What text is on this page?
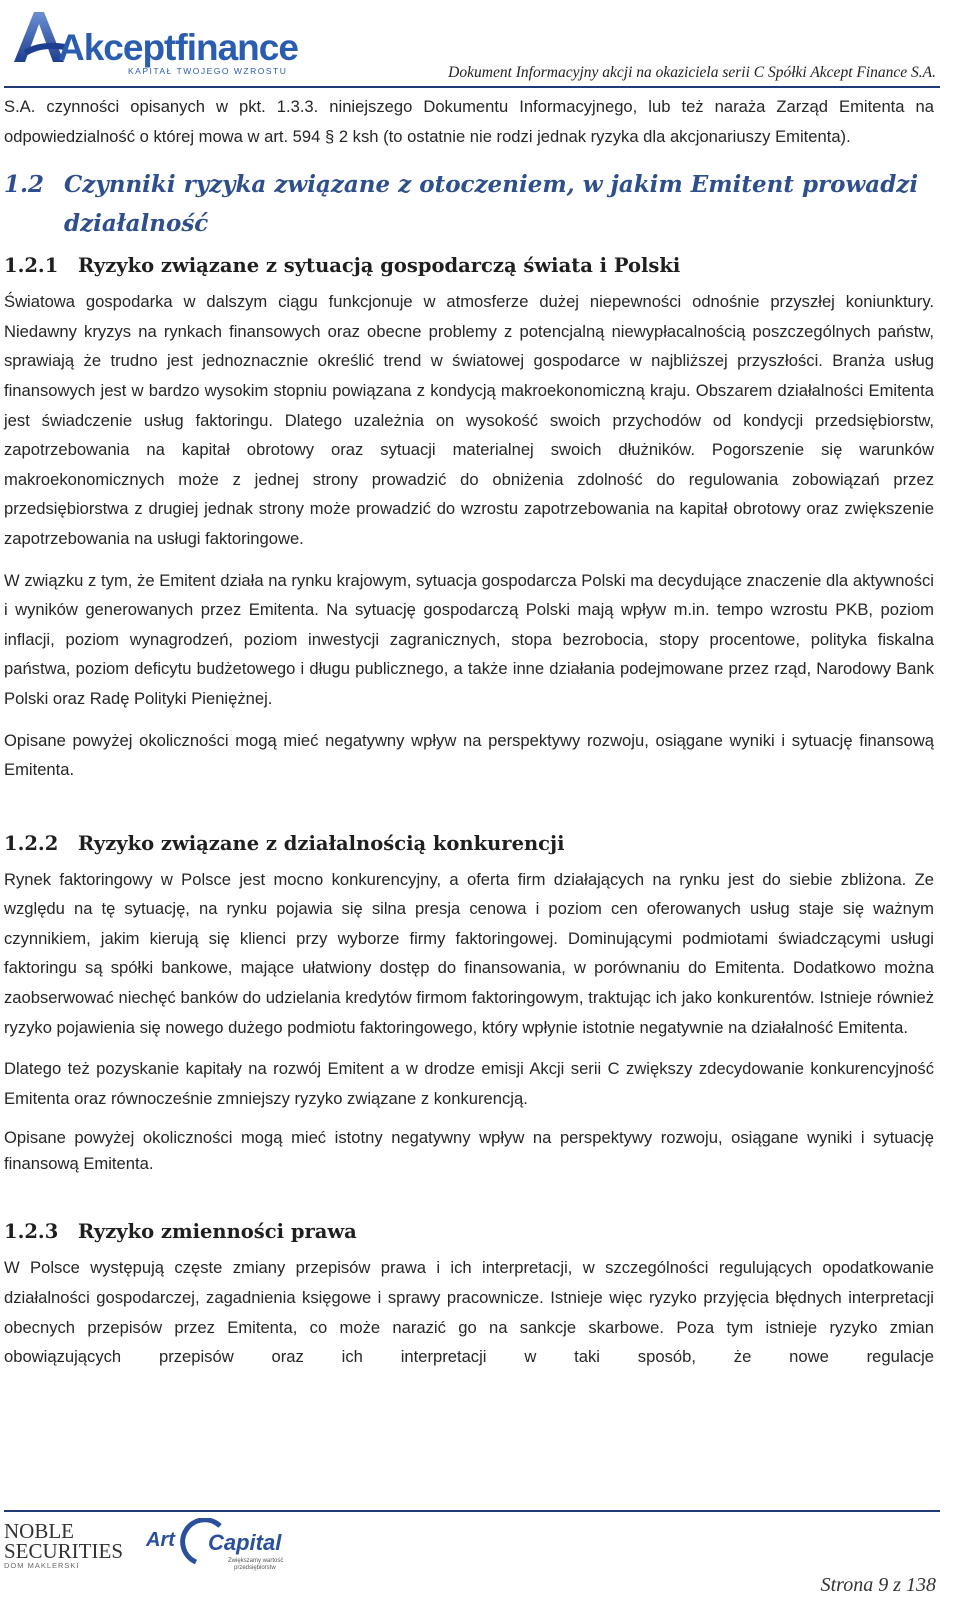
Akceptfinance
KAPITAŁ TWOJEGO WZROSTU	Dokument Informacyjny akcji na okaziciela serii C Spółki Akcept Finance S.A.

S.A. czynności opisanych w pkt. 1.3.3. niniejszego Dokumentu Informacyjnego, lub też naraża Zarząd Emitenta na odpowiedzialność o której mowa w art. 594 § 2 ksh (to ostatnie nie rodzi jednak ryzyka dla akcjonariuszy Emitenta).

1.2 Czynniki ryzyka związane z otoczeniem, w jakim Emitent prowadzi działalność
1.2.1	Ryzyko związane z sytuacją gospodarczą świata i Polski

Światowa gospodarka w dalszym ciągu funkcjonuje w atmosferze dużej niepewności odnośnie przyszłej koniunktury. Niedawny kryzys na rynkach finansowych oraz obecne problemy z potencjalną niewypłacalnością poszczególnych państw, sprawiają że trudno jest jednoznacznie określić trend w światowej gospodarce w najbliższej przyszłości. Branża usług finansowych jest w bardzo wysokim stopniu powiązana z kondycją makroekonomiczną kraju. Obszarem działalności Emitenta jest świadczenie usług faktoringu. Dlatego uzależnia on wysokość swoich przychodów od kondycji przedsiębiorstw, zapotrzebowania na kapitał obrotowy oraz sytuacji materialnej swoich dłużników. Pogorszenie się warunków makroekonomicznych może z jednej strony prowadzić do obniżenia zdolność do regulowania zobowiązań przez przedsiębiorstwa z drugiej jednak strony może prowadzić do wzrostu zapotrzebowania na kapitał obrotowy oraz zwiększenie zapotrzebowania na usługi faktoringowe.

W związku z tym, że Emitent działa na rynku krajowym, sytuacja gospodarcza Polski ma decydujące znaczenie dla aktywności i wyników generowanych przez Emitenta. Na sytuację gospodarczą Polski mają wpływ m.in. tempo wzrostu PKB, poziom inflacji, poziom wynagrodzeń, poziom inwestycji zagranicznych, stopa bezrobocia, stopy procentowe, polityka fiskalna państwa, poziom deficytu budżetowego i długu publicznego, a także inne działania podejmowane przez rząd, Narodowy Bank Polski oraz Radę Polityki Pieniężnej.

Opisane powyżej okoliczności mogą mieć negatywny wpływ na perspektywy rozwoju, osiągane wyniki i sytuację finansową Emitenta.

1.2.2	Ryzyko związane z działalnością konkurencji

Rynek faktoringowy w Polsce jest mocno konkurencyjny, a oferta firm działających na rynku jest do siebie zbliżona. Ze względu na tę sytuację, na rynku pojawia się silna presja cenowa i poziom cen oferowanych usług staje się ważnym czynnikiem, jakim kierują się klienci przy wyborze firmy faktoringowej. Dominującymi podmiotami świadczącymi usługi faktoringu są spółki bankowe, mające ułatwiony dostęp do finansowania, w porównaniu do Emitenta. Dodatkowo można zaobserwować niechęć banków do udzielania kredytów firmom faktoringowym, traktując ich jako konkurentów. Istnieje również ryzyko pojawienia się nowego dużego podmiotu faktoringowego, który wpłynie istotnie negatywnie na działalność Emitenta.

Dlatego też pozyskanie kapitały na rozwój Emitent a w drodze emisji Akcji serii C zwiększy zdecydowanie konkurencyjność Emitenta oraz równocześnie zmniejszy ryzyko związane z konkurencją.

Opisane powyżej okoliczności mogą mieć istotny negatywny wpływ na perspektywy rozwoju, osiągane wyniki i sytuację finansową Emitenta.

1.2.3	Ryzyko zmienności prawa

W Polsce występują częste zmiany przepisów prawa i ich interpretacji, w szczególności regulujących opodatkowanie działalności gospodarczej, zagadnienia księgowe i sprawy pracownicze. Istnieje więc ryzyko przyjęcia błędnych interpretacji obecnych przepisów przez Emitenta, co może narazić go na sankcje skarbowe. Poza tym istnieje ryzyko zmian obowiązujących przepisów oraz ich interpretacji w taki sposób, że nowe regulacje

NOBLE
SECURITIES
DOM MAKLERSKI
Art Capital
Zwiększamy wartość
przedsiębiorstw
Strona 9 z 138
